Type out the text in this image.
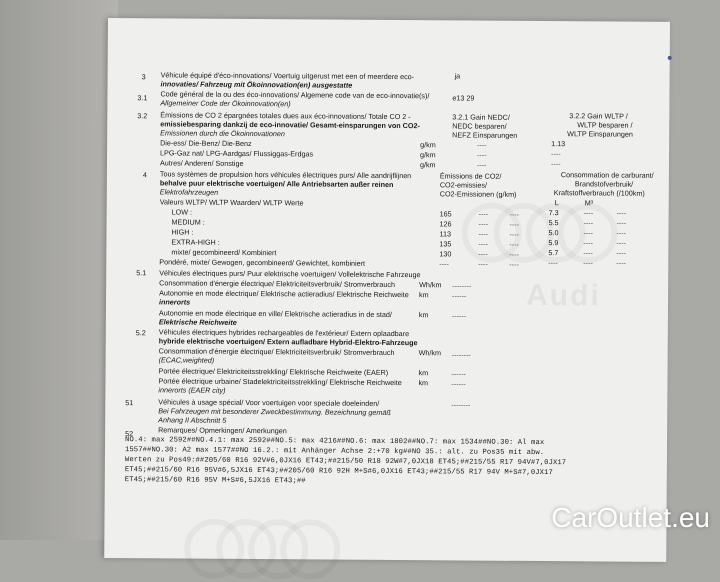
Audi
3 Véhicule équipé d'éco-innovations/ Voertuig uitgerust met een of meerdere eco-
innovaties/ Fahrzeug mit Ökoinnovation(en) ausgestatte
ja
3.1 Code général de la ou des éco-innovations/ Algemene code van de eco-innovatie(s)/
Allgemeiner Code der Ökoinnovation(en)
e13 29
3.2 Émissions de CO 2 épargnées totales dues aux éco-innovations/ Totale CO 2 -
emissiebesparing dankzij de eco-innovatie/ Gesamt-einsparungen von CO2-
Emissionen durch die Ökoinnovationen
3.2.1 Gain NEDC/
NEDC besparen/
NEFZ Einsparungen
3.2.2 Gain WLTP /
WLTP besparen /
WLTP Einsparungen
Die-ess/ Die-Benz/ Die-Benz	g/km	----	1.13
LPG-Gaz nat/ LPG-Aardgas/ Flussiggas-Erdgas	g/km	----	----
Autres/ Anderen/ Sonstige	g/km	----	----
4 Tous systèmes de propulsion hors véhicules électriques purs/ Alle aandrijflijnen
behalve puur elektrische voertuigen/ Alle Antriebsarten außer reinen
Elektrofahrzeugen
Émissions de CO2/
CO2-emissies/
CO2-Emissionen (g/km)
Consommation de carburant/
Brandstofverbruik/
Kraftstoffverbrauch (/100km)
L	M³
Valeurs WLTP/ WLTP Waarden/ WLTP Werte
LOW :	165	----	----	7.3	----	----
MEDIUM :	126	----	----	5.5	----	----
HIGH :	113	----	----	5.0	----	----
EXTRA-HIGH :	135	----	----	5.9	----	----
mixte/ gecombineerd/ Kombiniert	130	----	----	5.7	----	----
Pondéré, mixte/ Gewogen, gecombineerd/ Gewichtet, kombiniert	----	----	----	----	----	----
5.1 Véhicules électriques purs/ Puur elektrische voertuigen/ Vollelektrische Fahrzeuge
Consommation d'énergie électrique/ Elektriciteitsverbruik/ Stromverbrauch	Wh/km --------
Autonomie en mode électrique/ Elektrische actieradius/ Elektrische Reichweite
innerorts
km	------
Autonomie en mode électrique en ville/ Elektrische actieradius in de stad/
Elektrische Reichweite
km	------
5.2 Véhicules électriques hybrides rechargeables de l'extérieur/ Extern oplaadbare
hybride elektrische voertuigen/ Extern aufladbare Hybrid-Elektro-Fahrzeuge
Consommation d'énergie électrique/ Elektriciteitsverbruik/ Stromverbrauch
(ECAC,weighted)
Wh/km --------
Portée électrique/ Elektriciteitsstrekkling/ Elektrische Reichweite (EAER)	km	------
Portée électrique urbaine/ Stadelektriciteitsstrekkling/ Elektrische Reichweite
innerorts (EAER city)
km	------
51	Véhicules à usage spécial/ Voor voertuigen voor speciale doeleinden/
Bei Fahrzeugen mit besonderer Zweckbestimmung. Bezeichnung gemäß
Anhang II Abschnitt 5
--------
52	Remarques/ Opmerkingen/ Amerkungen
NO.4: max 2592##NO.4.1: max 2592##NO.5: max 4216##NO.6: max 1802##NO.7: max 1534##NO.30: Al max
1557##NO.30: A2 max 1577##NO 16.2.: mit Anhänger Achse 2:+70 kg##NO 35.: alt. zu Pos35 mit abw.
Werten zu Pos49:##205/60 R16 92V#6,0JX16 ET43;##215/50 R18 92W#7,0JX18 ET45;##215/55 R17 94V#7,0JX17
ET45;##215/60 R16 95V#6,5JX16 ET43;##205/60 R16 92H M+S#6,0JX16 ET43;##215/55 R17 94V M+S#7,0JX17
ET45;##215/60 R16 95V M+S#6,5JX16 ET43;##
CarOutlet.eu
